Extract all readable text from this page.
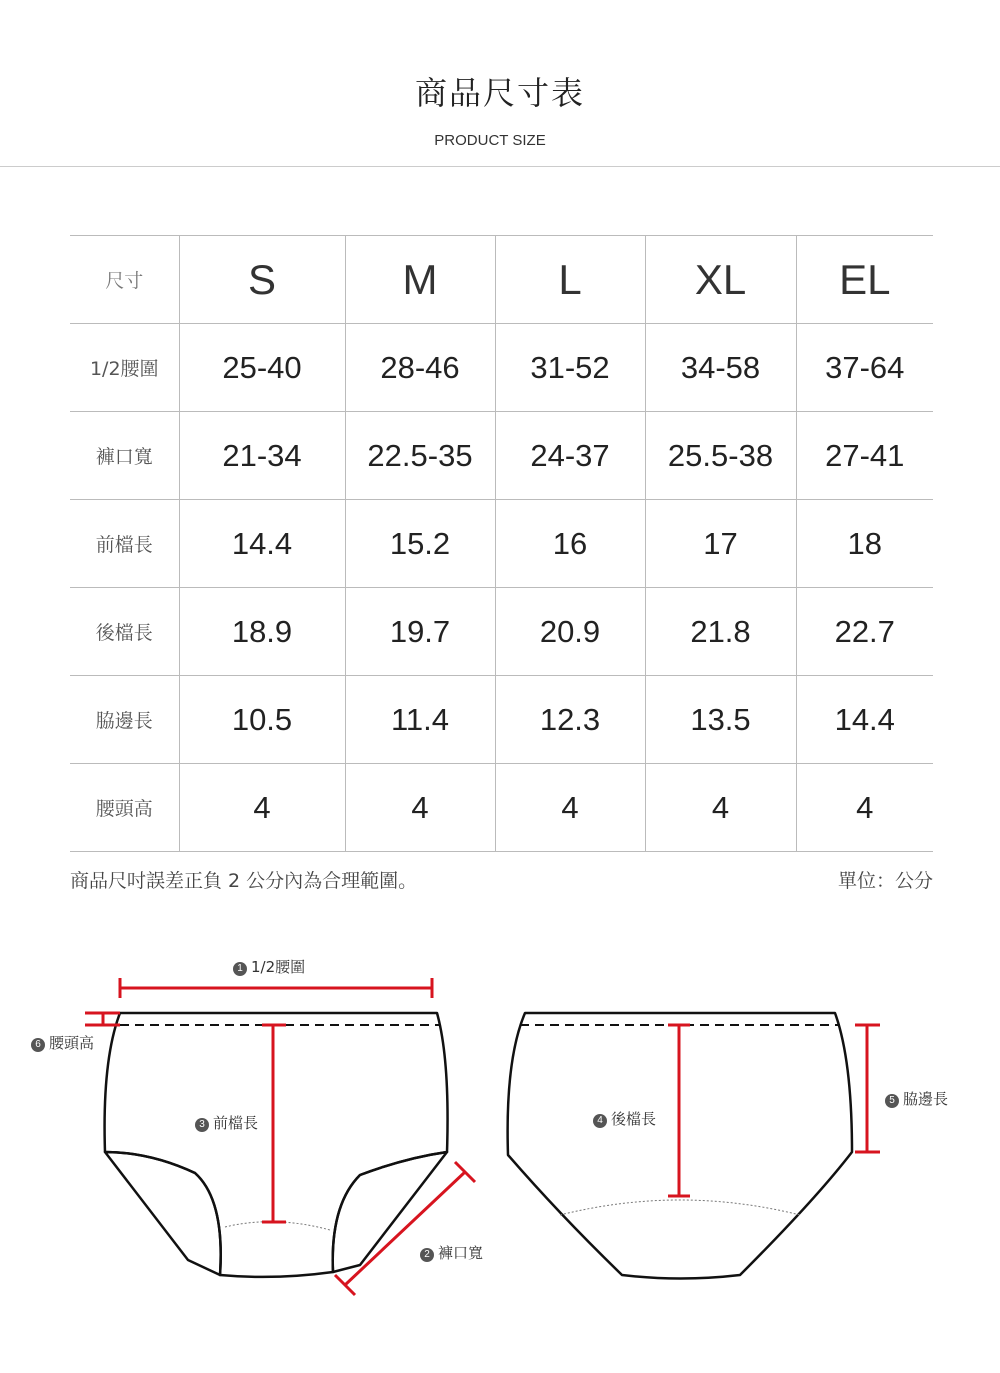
商品尺寸表
PRODUCT SIZE
尺寸	S	M	L	XL	EL
1/2腰圍	25-40	28-46	31-52	34-58	37-64
褲口寬	21-34	22.5-35	24-37	25.5-38	27-41
前檔長	14.4	15.2	16	17	18
後檔長	18.9	19.7	20.9	21.8	22.7
脇邊長	10.5	11.4	12.3	13.5	14.4
腰頭高	4	4	4	4	4
商品尺吋誤差正負 2 公分內為合理範圍。	單位：公分
1 1/2腰圍
2 褲口寬
3 前檔長	4 後檔長
5 脇邊長
6 腰頭高
